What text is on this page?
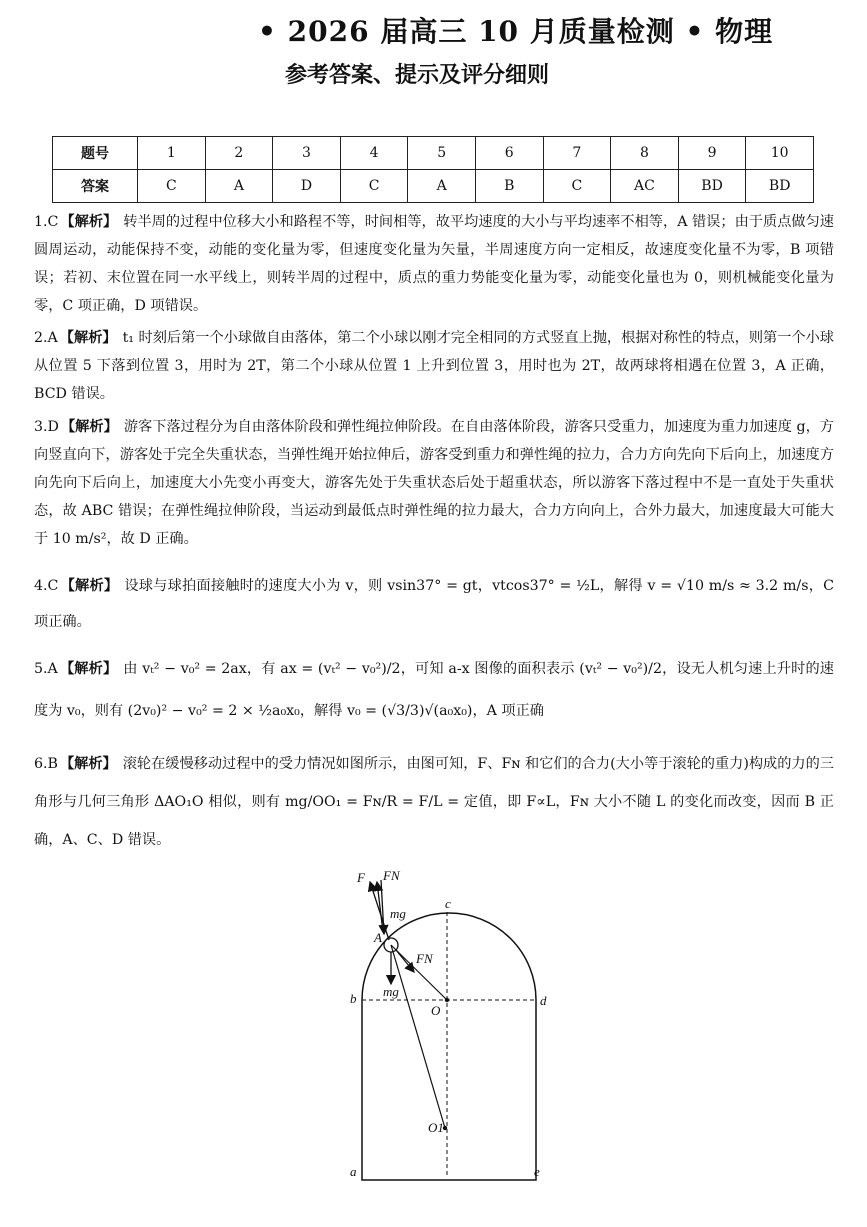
• 2026 届高三 10 月质量检测 • 物理
参考答案、提示及评分细则
题号	1	2	3	4	5	6	7	8	9	10
答案	C	A	D	C	A	B	C	AC	BD	BD
1.C 【解析】 转半周的过程中位移大小和路程不等，时间相等，故平均速度的大小与平均速率不相等，A 错误；由于质点做匀速圆周运动，动能保持不变，动能的变化量为零，但速度变化量为矢量，半周速度方向一定相反，故速度变化量不为零，B 项错误；若初、末位置在同一水平线上，则转半周的过程中，质点的重力势能变化量为零，动能变化量也为 0，则机械能变化量为零，C 项正确，D 项错误。
2.A 【解析】 t₁ 时刻后第一个小球做自由落体，第二个小球以刚才完全相同的方式竖直上抛，根据对称性的特点，则第一个小球从位置 5 下落到位置 3，用时为 2T，第二个小球从位置 1 上升到位置 3，用时也为 2T，故两球将相遇在位置 3，A 正确，BCD 错误。
3.D 【解析】 游客下落过程分为自由落体阶段和弹性绳拉伸阶段。在自由落体阶段，游客只受重力，加速度为重力加速度 g，方向竖直向下，游客处于完全失重状态，当弹性绳开始拉伸后，游客受到重力和弹性绳的拉力，合力方向先向下后向上，加速度方向先向下后向上，加速度大小先变小再变大，游客先处于失重状态后处于超重状态，所以游客下落过程中不是一直处于失重状态，故 ABC 错误；在弹性绳拉伸阶段，当运动到最低点时弹性绳的拉力最大，合力方向向上，合外力最大，加速度最大可能大于 10 m/s²，故 D 正确。
4.C 【解析】 设球与球拍面接触时的速度大小为 v，则 vsin37° = gt，vtcos37° = ½L，解得 v = √10 m/s ≈ 3.2 m/s，C 项正确。
5.A 【解析】 由 vₜ² − v₀² = 2ax，有 ax = (vₜ² − v₀²)/2，可知 a-x 图像的面积表示 (vₜ² − v₀²)/2，设无人机匀速上升时的速度为 v₀，则有 (2v₀)² − v₀² = 2 × ½a₀x₀，解得 v₀ = (√3/3)√(a₀x₀)，A 项正确
6.B 【解析】 滚轮在缓慢移动过程中的受力情况如图所示，由图可知，F、Fɴ 和它们的合力(大小等于滚轮的重力)构成的力的三角形与几何三角形 ΔAO₁O 相似，则有 mg/OO₁ = Fɴ/R = F/L = 定值，即 F∝L，Fɴ 大小不随 L 的变化而改变，因而 B 正确，A、C、D 错误。
F FN
mg
A
FN
mg
b
c
d
O
O1
a	e
